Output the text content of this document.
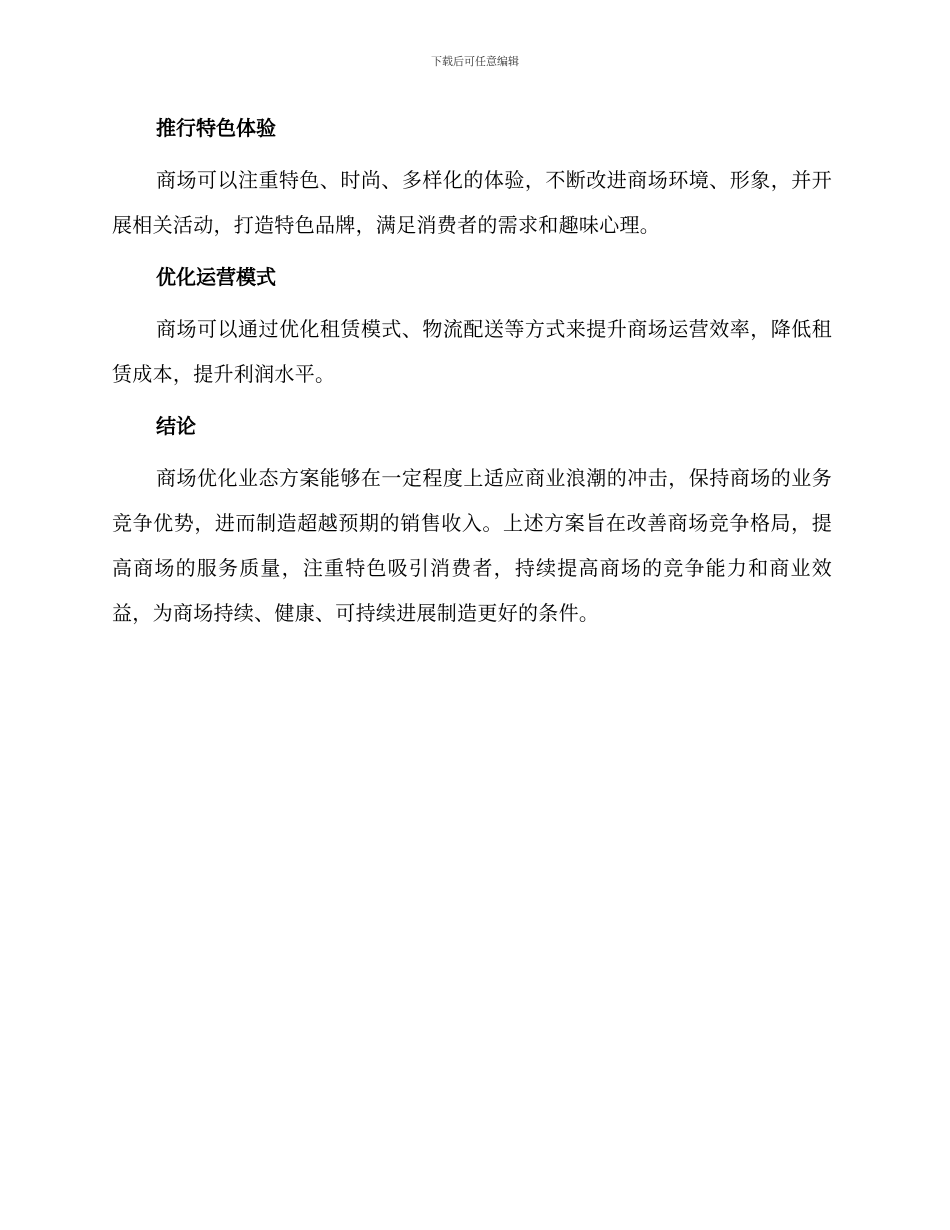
下载后可任意编辑
推行特色体验

商场可以注重特色、时尚、多样化的体验，不断改进商场环境、形象，并开展相关活动，打造特色品牌，满足消费者的需求和趣味心理。

优化运营模式

商场可以通过优化租赁模式、物流配送等方式来提升商场运营效率，降低租赁成本，提升利润水平。

结论

商场优化业态方案能够在一定程度上适应商业浪潮的冲击，保持商场的业务竞争优势，进而制造超越预期的销售收入。上述方案旨在改善商场竞争格局，提高商场的服务质量，注重特色吸引消费者，持续提高商场的竞争能力和商业效益，为商场持续、健康、可持续进展制造更好的条件。
